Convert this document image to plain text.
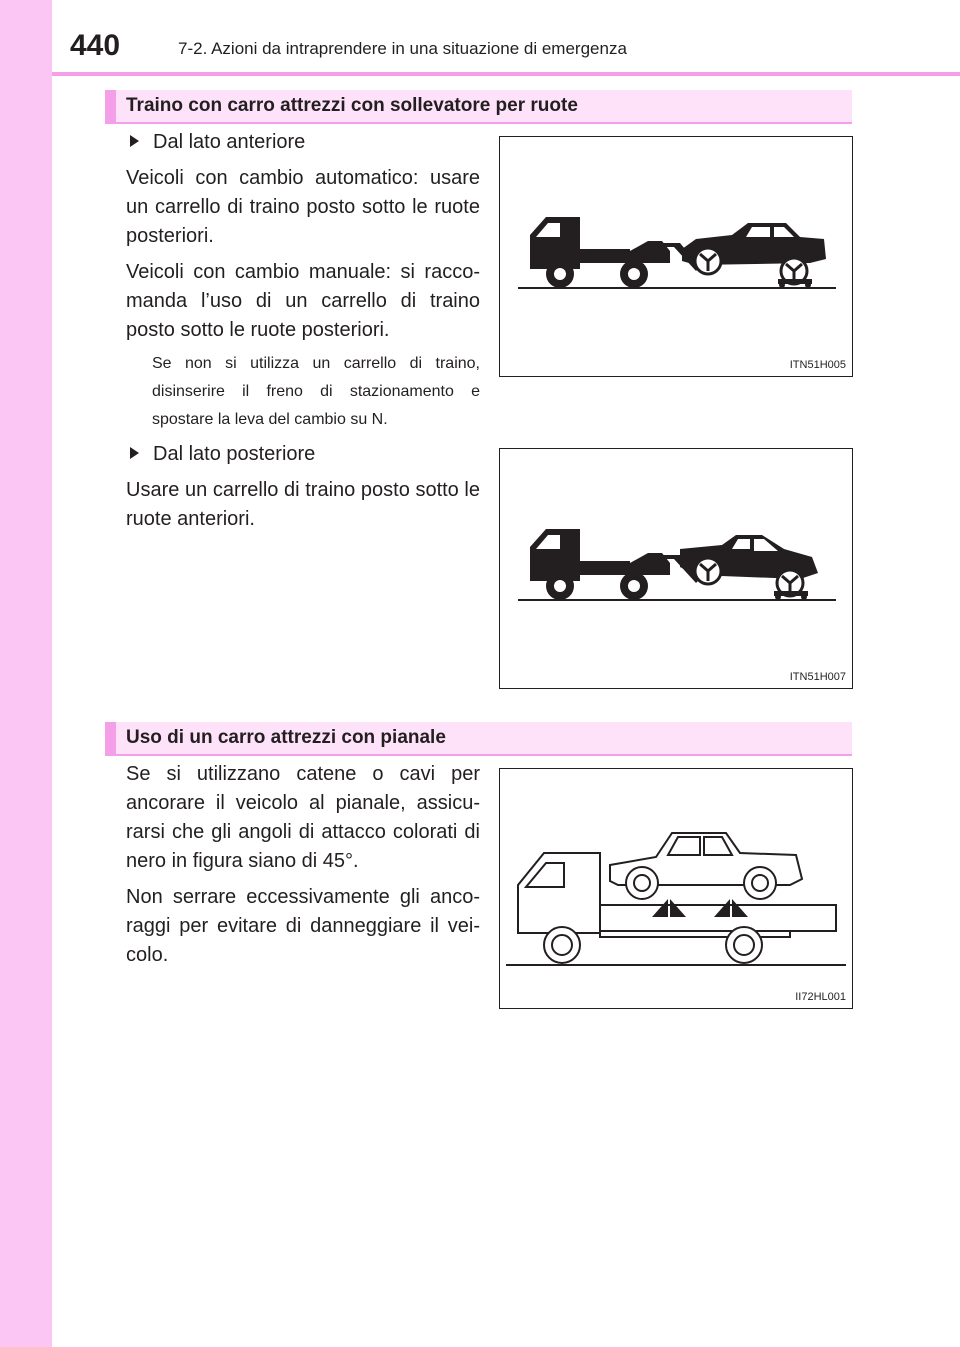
440	7-2. Azioni da intraprendere in una situazione di emergenza
Traino con carro attrezzi con sollevatore per ruote
Dal lato anteriore

Veicoli con cambio automatico: usare un carrello di traino posto sotto le ruote posteriori.

Veicoli con cambio manuale: si racco-manda l’uso di un carrello di traino posto sotto le ruote posteriori.

Se non si utilizza un carrello di traino, disinserire il freno di stazionamento e spostare la leva del cambio su N.

Dal lato posteriore

Usare un carrello di traino posto sotto le ruote anteriori.

ITN51H005
ITN51H007
Uso di un carro attrezzi con pianale

Se si utilizzano catene o cavi per ancorare il veicolo al pianale, assicu-rarsi che gli angoli di attacco colorati di nero in figura siano di 45°.

Non serrare eccessivamente gli anco-raggi per evitare di danneggiare il vei-colo.

II72HL001
